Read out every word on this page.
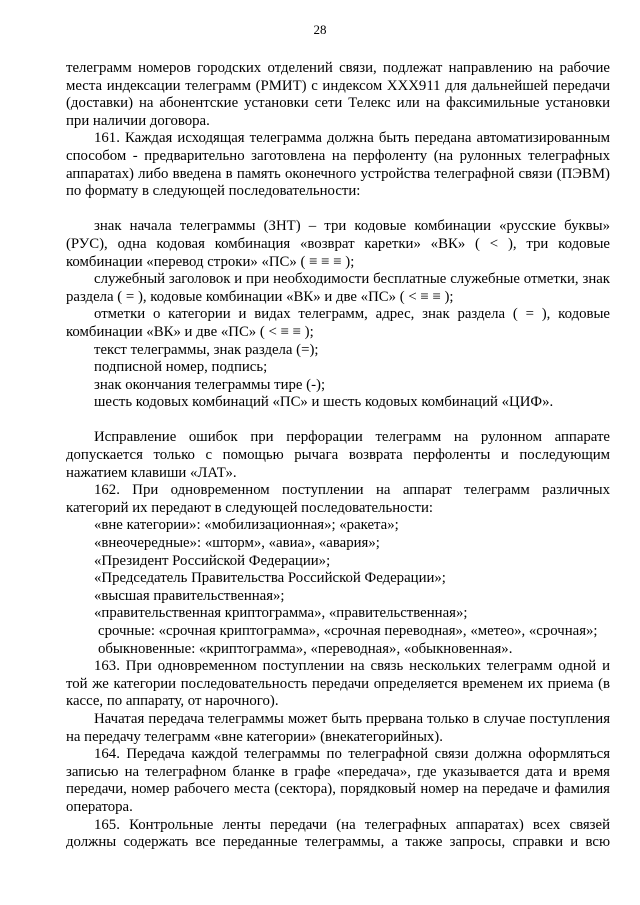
28
телеграмм номеров городских отделений связи, подлежат направлению на рабочие
места индексации телеграмм (РМИТ) с индексом XXX911 для дальнейшей передачи
(доставки) на абонентские установки сети Телекс или на факсимильные установки
при наличии договора.
161. Каждая исходящая телеграмма должна быть передана автоматизированным
способом - предварительно заготовлена на перфоленту (на рулонных телеграфных
аппаратах) либо введена в память оконечного устройства телеграфной связи (ПЭВМ)
по формату в следующей последовательности:
знак начала телеграммы (ЗНТ) – три кодовые комбинации «русские буквы»
(РУС), одна кодовая комбинация «возврат каретки» «ВК» ( < ), три кодовые
комбинации «перевод строки» «ПС» ( ≡ ≡ ≡ );
служебный заголовок и при необходимости бесплатные служебные отметки, знак
раздела ( = ), кодовые комбинации «ВК» и две «ПС» ( < ≡ ≡ );
отметки о категории и видах телеграмм, адрес, знак раздела ( = ), кодовые
комбинации «ВК» и две «ПС» ( < ≡ ≡ );
текст телеграммы, знак раздела (=);
подписной номер, подпись;
знак окончания телеграммы тире (-);
шесть кодовых комбинаций «ПС» и шесть кодовых комбинаций «ЦИФ».
Исправление ошибок при перфорации телеграмм на рулонном аппарате
допускается только с помощью рычага возврата перфоленты и последующим
нажатием клавиши «ЛАТ».
162. При одновременном поступлении на аппарат телеграмм различных
категорий их передают в следующей последовательности:
«вне категории»: «мобилизационная»; «ракета»;
«внеочередные»: «шторм», «авиа», «авария»;
«Президент Российской Федерации»;
«Председатель Правительства Российской Федерации»;
«высшая правительственная»;
«правительственная криптограмма», «правительственная»;
срочные: «срочная криптограмма», «срочная переводная», «метео», «срочная»;
обыкновенные: «криптограмма», «переводная», «обыкновенная».
163. При одновременном поступлении на связь нескольких телеграмм одной и
той же категории последовательность передачи определяется временем их приема (в
кассе, по аппарату, от нарочного).
Начатая передача телеграммы может быть прервана только в случае поступления
на передачу телеграмм «вне категории» (внекатегорийных).
164. Передача каждой телеграммы по телеграфной связи должна оформляться
записью на телеграфном бланке в графе «передача», где указывается дата и время
передачи, номер рабочего места (сектора), порядковый номер на передаче и фамилия
оператора.
165. Контрольные ленты передачи (на телеграфных аппаратах) всех связей
должны содержать все переданные телеграммы, а также запросы, справки и всю
